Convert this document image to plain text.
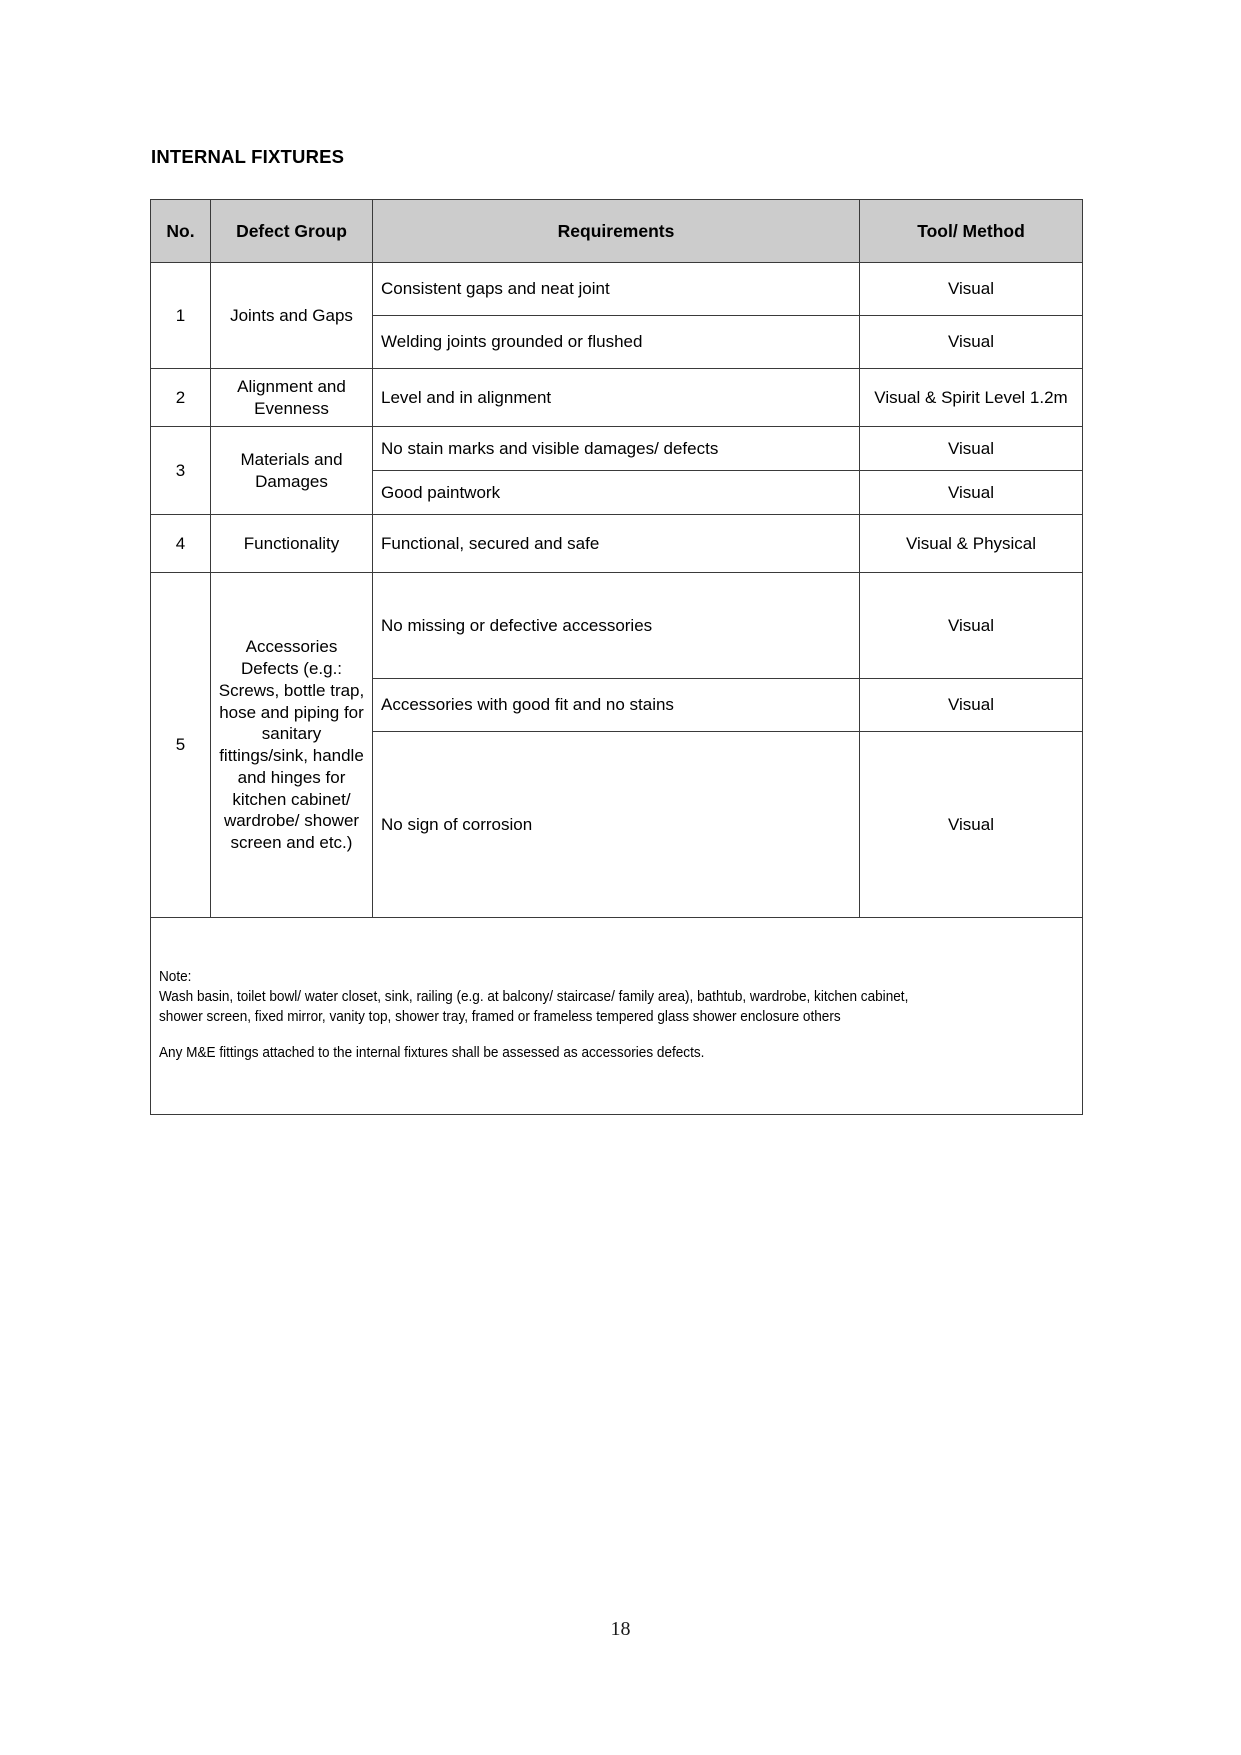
INTERNAL FIXTURES
No.	Defect Group	Requirements	Tool/ Method
1	Joints and Gaps	Consistent gaps and neat joint	Visual
		Welding joints grounded or flushed	Visual
2	Alignment and Evenness	Level and in alignment	Visual & Spirit Level 1.2m
3	Materials and Damages	No stain marks and visible damages/ defects	Visual
		Good paintwork	Visual
4	Functionality	Functional, secured and safe	Visual & Physical
5	Accessories Defects (e.g.: Screws, bottle trap, hose and piping for sanitary fittings/sink, handle and hinges for kitchen cabinet/ wardrobe/ shower screen and etc.)	No missing or defective accessories	Visual
		Accessories with good fit and no stains	Visual
		No sign of corrosion	Visual

Note:
Wash basin, toilet bowl/ water closet, sink, railing (e.g. at balcony/ staircase/ family area), bathtub, wardrobe, kitchen cabinet,
shower screen, fixed mirror, vanity top, shower tray, framed or frameless tempered glass shower enclosure others
Any M&E fittings attached to the internal fixtures shall be assessed as accessories defects.			
18
